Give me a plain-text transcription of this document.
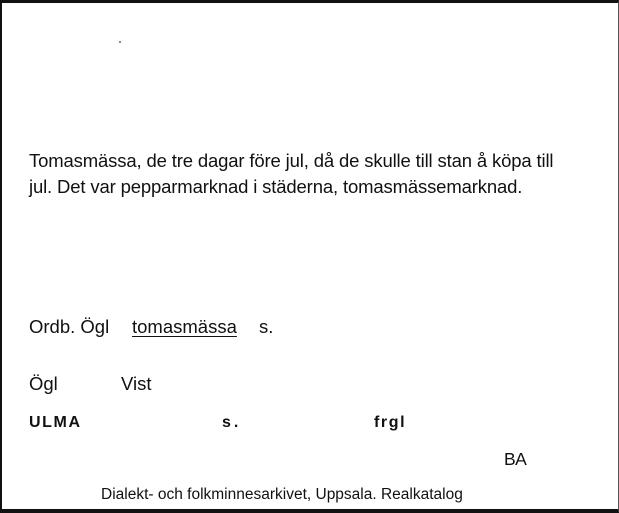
Tomasmässa, de tre dagar före jul, då de skulle till stan å köpa till
jul. Det var pepparmarknad i städerna, tomasmässemarknad.

Ordb. Ögl tomasmässa s.
Ögl	Vist
ULMA	s.	frgl
BA
Dialekt- och folkminnesarkivet, Uppsala. Realkatalog
